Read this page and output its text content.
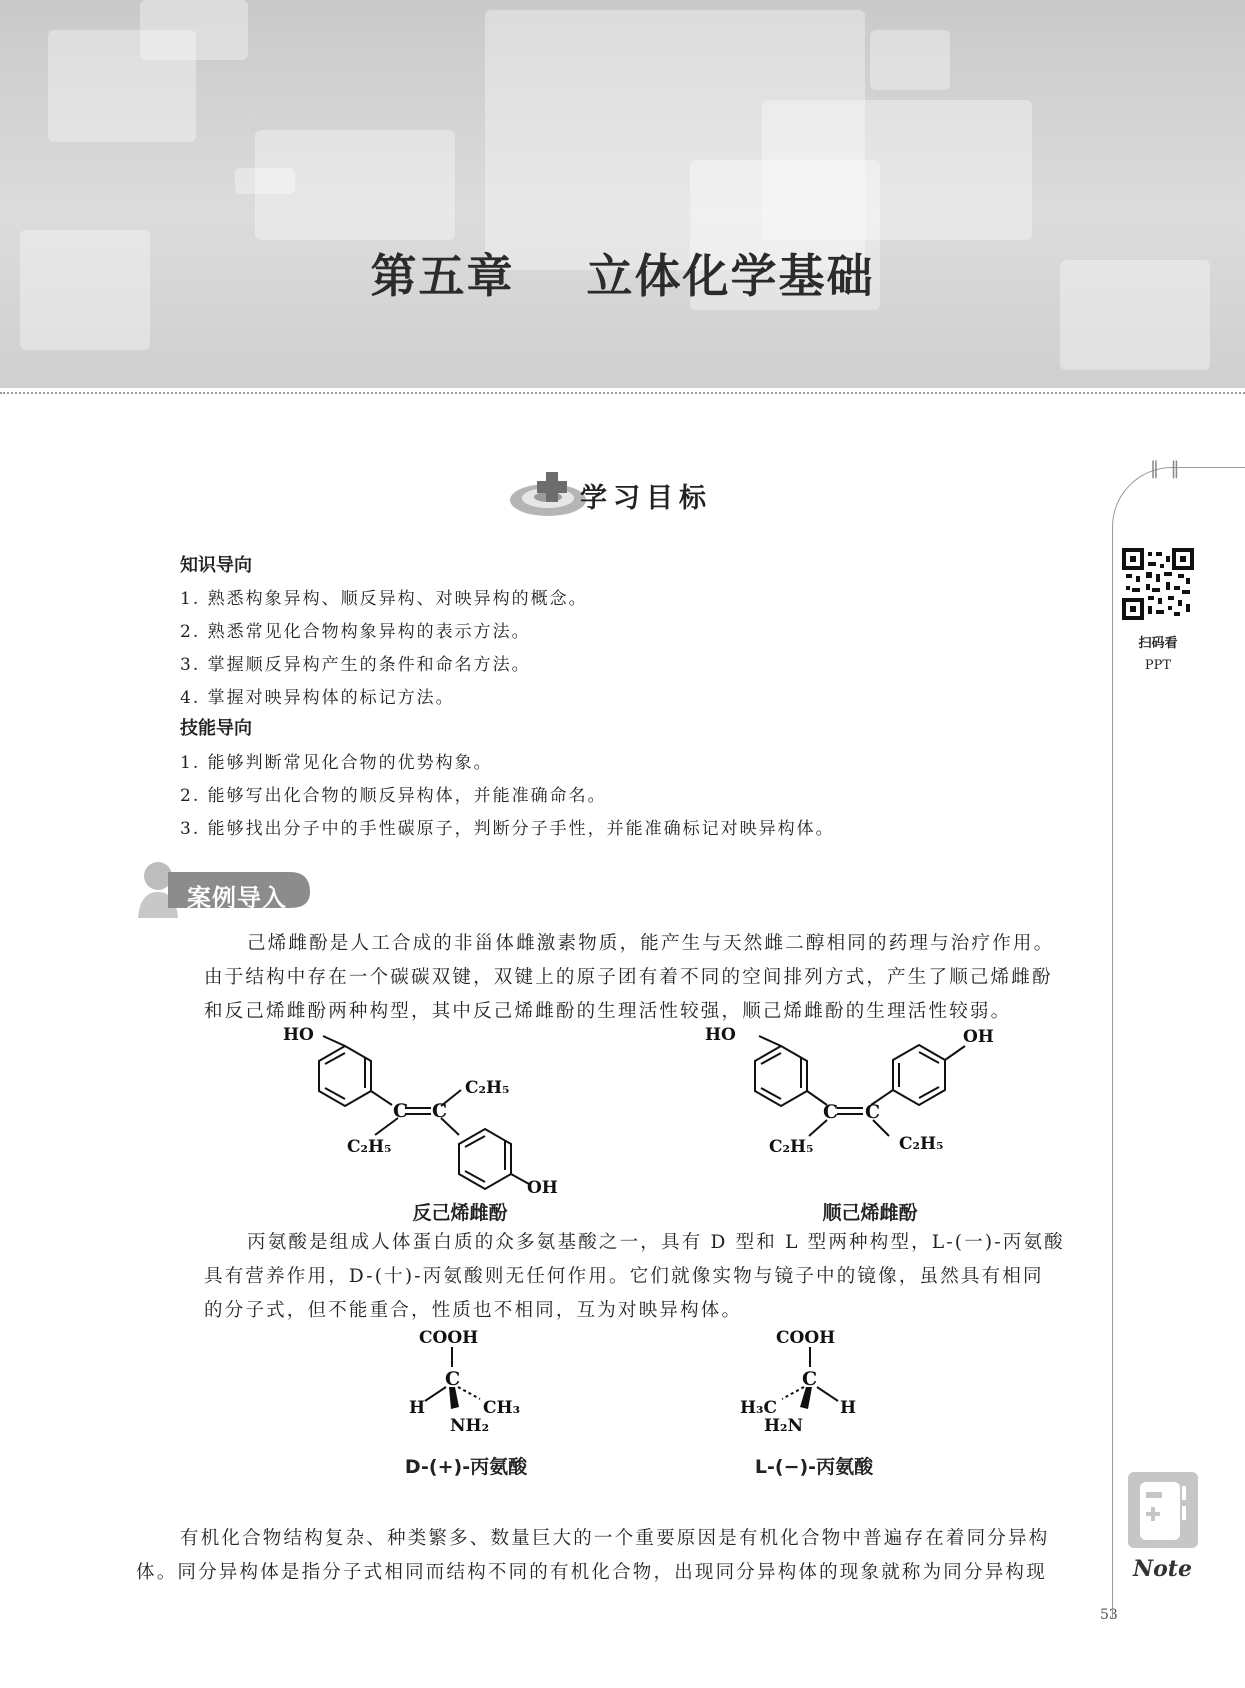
第五章    立体化学基础
‖  ‖
扫码看
PPT
Note
53
学习目标
知识导向
1. 熟悉构象异构、顺反异构、对映异构的概念。
2. 熟悉常见化合物构象异构的表示方法。
3. 掌握顺反异构产生的条件和命名方法。
4. 掌握对映异构体的标记方法。
技能导向
1. 能够判断常见化合物的优势构象。
2. 能够写出化合物的顺反异构体，并能准确命名。
3. 能够找出分子中的手性碳原子，判断分子手性，并能准确标记对映异构体。
案例导入
己烯雌酚是人工合成的非甾体雌激素物质，能产生与天然雌二醇相同的药理与治疗作用。
由于结构中存在一个碳碳双键，双键上的原子团有着不同的空间排列方式，产生了顺己烯雌酚
和反己烯雌酚两种构型，其中反己烯雌酚的生理活性较强，顺己烯雌酚的生理活性较弱。
HO
C C
C₂H₅
C₂H₅
OH
反己烯雌酚
HO
C C
C₂H₅	C₂H₅
OH
顺己烯雌酚
丙氨酸是组成人体蛋白质的众多氨基酸之一，具有 D 型和 L 型两种构型，L-(一)-丙氨酸
具有营养作用，D-(十)-丙氨酸则无任何作用。它们就像实物与镜子中的镜像，虽然具有相同
的分子式，但不能重合，性质也不相同，互为对映异构体。
COOH
C
H	CH₃
NH₂
D-(+)-丙氨酸
COOH
C
H₃C	H
H₂N
L-(−)-丙氨酸
有机化合物结构复杂、种类繁多、数量巨大的一个重要原因是有机化合物中普遍存在着同分异构
体。同分异构体是指分子式相同而结构不同的有机化合物，出现同分异构体的现象就称为同分异构现
